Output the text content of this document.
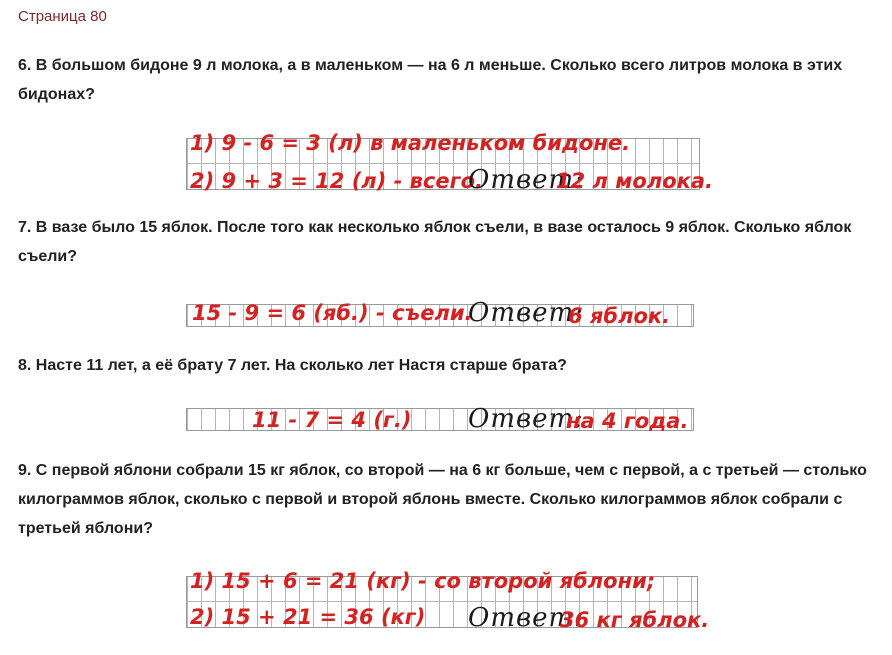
Страница 80
6. В большом бидоне 9 л молока, а в маленьком — на 6 л меньше. Сколько всего литров молока в этих бидонах?
1) 9 - 6 = 3 (л) в маленьком бидоне.
2) 9 + 3 = 12 (л) - всего.
Ответ:
12 л молока.
7. В вазе было 15 яблок. После того как несколько яблок съели, в вазе осталось 9 яблок. Сколько яблок съели?
15 - 9 = 6 (яб.) - съели.
Ответ:
6 яблок.
8. Насте 11 лет, а её брату 7 лет. На сколько лет Настя старше брата?
11 - 7 = 4 (г.) Ответ:
на 4 года.
9. С первой яблони собрали 15 кг яблок, со второй — на 6 кг больше, чем с первой, а с третьей — столько килограммов яблок, сколько с первой и второй яблонь вместе. Сколько килограммов яблок собрали с третьей яблони?
1) 15 + 6 = 21 (кг) - со второй яблони;
2) 15 + 21 = 36 (кг) Ответ:
36 кг яблок.
